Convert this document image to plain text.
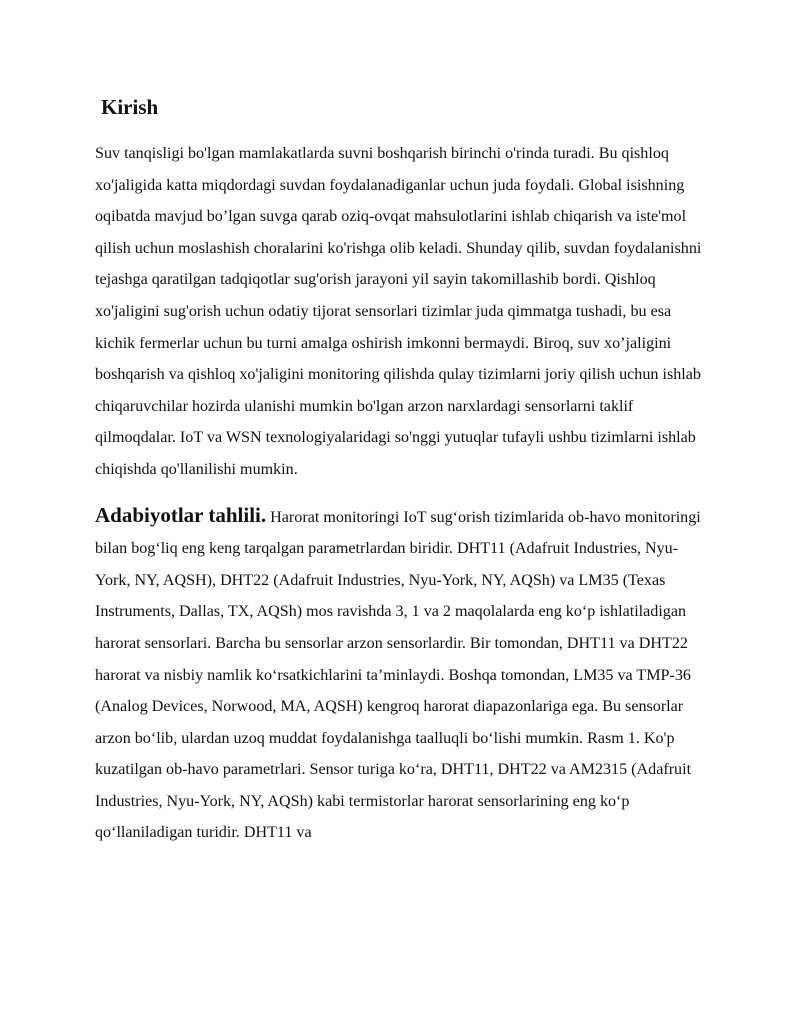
Kirish

Suv tanqisligi bo'lgan mamlakatlarda suvni boshqarish birinchi o'rinda turadi. Bu qishloq xo'jaligida katta miqdordagi suvdan foydalanadiganlar uchun juda foydali. Global isishning oqibatda mavjud bo’lgan suvga qarab oziq-ovqat mahsulotlarini ishlab chiqarish va iste'mol qilish uchun moslashish choralarini ko'rishga olib keladi. Shunday qilib, suvdan foydalanishni tejashga qaratilgan tadqiqotlar sug'orish jarayoni yil sayin takomillashib bordi. Qishloq xo'jaligini sug'orish uchun odatiy tijorat sensorlari tizimlar juda qimmatga tushadi, bu esa kichik fermerlar uchun bu turni amalga oshirish imkonni bermaydi. Biroq, suv xo’jaligini boshqarish va qishloq xo'jaligini monitoring qilishda qulay tizimlarni joriy qilish uchun ishlab chiqaruvchilar hozirda ulanishi mumkin bo'lgan arzon narxlardagi sensorlarni taklif qilmoqdalar. IoT va WSN texnologiyalaridagi so'nggi yutuqlar tufayli ushbu tizimlarni ishlab chiqishda qo'llanilishi mumkin.

Adabiyotlar tahlili. Harorat monitoringi IoT sugʻorish tizimlarida ob-havo monitoringi bilan bogʻliq eng keng tarqalgan parametrlardan biridir. DHT11 (Adafruit Industries, Nyu-York, NY, AQSH), DHT22 (Adafruit Industries, Nyu-York, NY, AQSh) va LM35 (Texas Instruments, Dallas, TX, AQSh) mos ravishda 3, 1 va 2 maqolalarda eng koʻp ishlatiladigan harorat sensorlari. Barcha bu sensorlar arzon sensorlardir. Bir tomondan, DHT11 va DHT22 harorat va nisbiy namlik koʻrsatkichlarini taʼminlaydi. Boshqa tomondan, LM35 va TMP-36 (Analog Devices, Norwood, MA, AQSH) kengroq harorat diapazonlariga ega. Bu sensorlar arzon boʻlib, ulardan uzoq muddat foydalanishga taalluqli boʻlishi mumkin. Rasm 1. Ko'p kuzatilgan ob-havo parametrlari. Sensor turiga koʻra, DHT11, DHT22 va AM2315 (Adafruit Industries, Nyu-York, NY, AQSh) kabi termistorlar harorat sensorlarining eng koʻp qoʻllaniladigan turidir. DHT11 va
